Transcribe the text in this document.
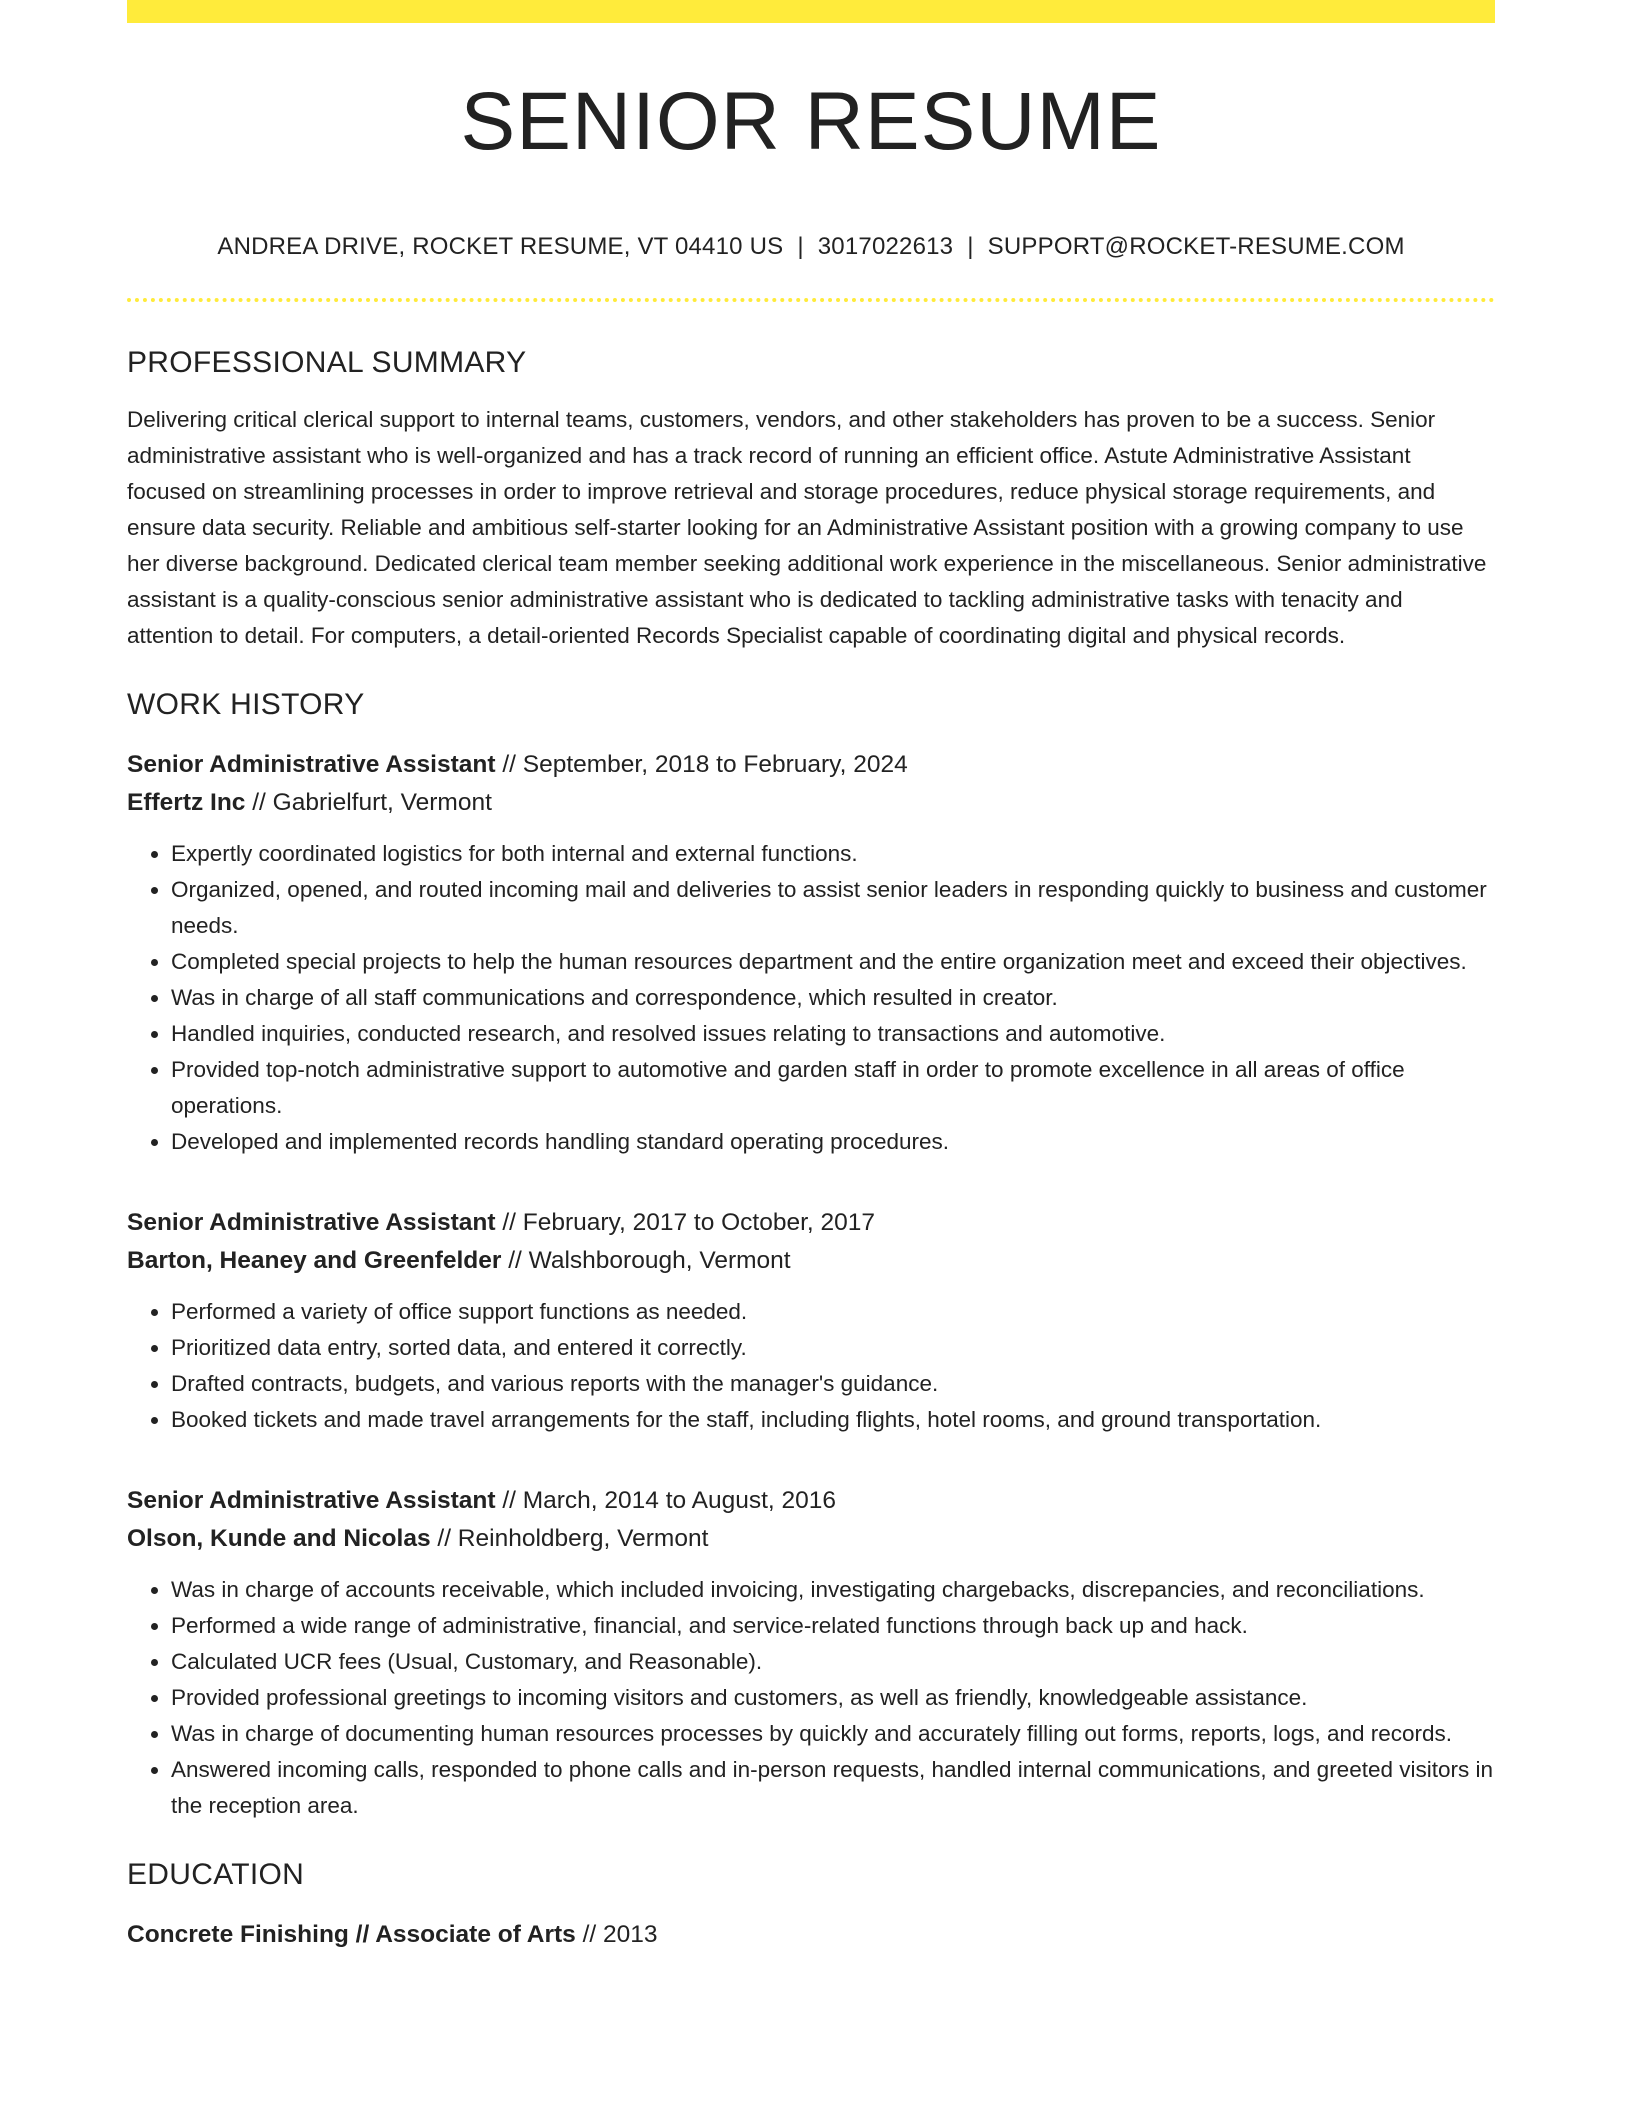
SENIOR RESUME
ANDREA DRIVE, ROCKET RESUME, VT 04410 US | 3017022613 | SUPPORT@ROCKET-RESUME.COM
PROFESSIONAL SUMMARY

Delivering critical clerical support to internal teams, customers, vendors, and other stakeholders has proven to be a success. Senior administrative assistant who is well-organized and has a track record of running an efficient office. Astute Administrative Assistant focused on streamlining processes in order to improve retrieval and storage procedures, reduce physical storage requirements, and ensure data security. Reliable and ambitious self-starter looking for an Administrative Assistant position with a growing company to use her diverse background. Dedicated clerical team member seeking additional work experience in the miscellaneous. Senior administrative assistant is a quality-conscious senior administrative assistant who is dedicated to tackling administrative tasks with tenacity and attention to detail. For computers, a detail-oriented Records Specialist capable of coordinating digital and physical records.

WORK HISTORY
Senior Administrative Assistant // September, 2018 to February, 2024
Effertz Inc // Gabrielfurt, Vermont
• Expertly coordinated logistics for both internal and external functions.
• Organized, opened, and routed incoming mail and deliveries to assist senior leaders in responding quickly to business and customer needs.
• Completed special projects to help the human resources department and the entire organization meet and exceed their objectives.
• Was in charge of all staff communications and correspondence, which resulted in creator.
• Handled inquiries, conducted research, and resolved issues relating to transactions and automotive.
• Provided top-notch administrative support to automotive and garden staff in order to promote excellence in all areas of office operations.
• Developed and implemented records handling standard operating procedures.
Senior Administrative Assistant // February, 2017 to October, 2017
Barton, Heaney and Greenfelder // Walshborough, Vermont
• Performed a variety of office support functions as needed.
• Prioritized data entry, sorted data, and entered it correctly.
• Drafted contracts, budgets, and various reports with the manager's guidance.
• Booked tickets and made travel arrangements for the staff, including flights, hotel rooms, and ground transportation.
Senior Administrative Assistant // March, 2014 to August, 2016
Olson, Kunde and Nicolas // Reinholdberg, Vermont
• Was in charge of accounts receivable, which included invoicing, investigating chargebacks, discrepancies, and reconciliations.
• Performed a wide range of administrative, financial, and service-related functions through back up and hack.
• Calculated UCR fees (Usual, Customary, and Reasonable).
• Provided professional greetings to incoming visitors and customers, as well as friendly, knowledgeable assistance.
• Was in charge of documenting human resources processes by quickly and accurately filling out forms, reports, logs, and records.
• Answered incoming calls, responded to phone calls and in-person requests, handled internal communications, and greeted visitors in the reception area.
EDUCATION
Concrete Finishing // Associate of Arts // 2013
